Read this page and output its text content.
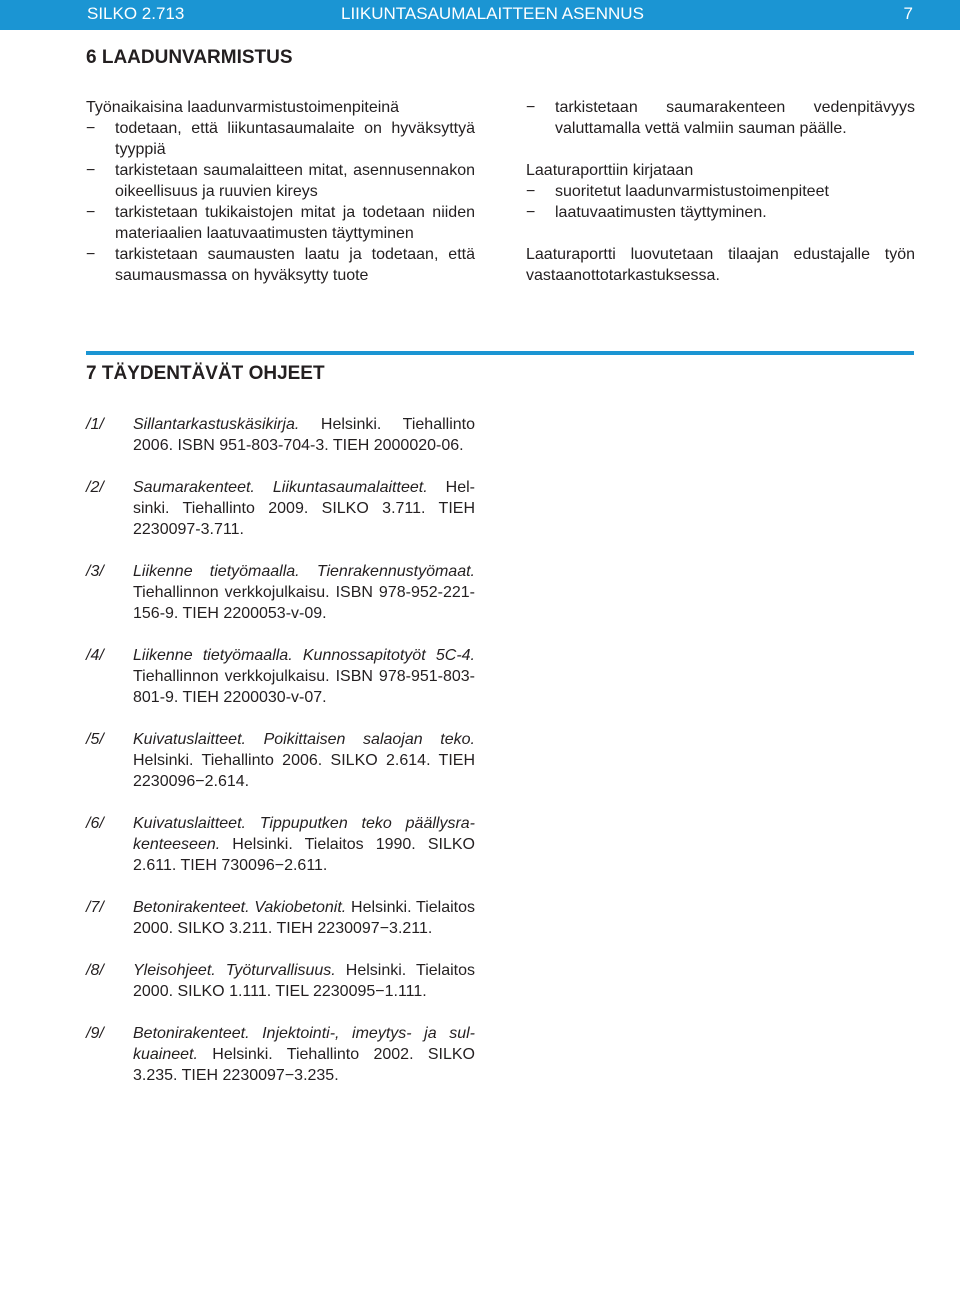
SILKO 2.713	LIIKUNTASAUMALAITTEEN ASENNUS	7
6 LAADUNVARMISTUS

Työnaikaisina laadunvarmistustoimenpiteinä

− todetaan, että liikuntasaumalaite on hyväksyttyä tyyppiä
− tarkistetaan saumalaitteen mitat, asennusennakon oikeellisuus ja ruuvien kireys
− tarkistetaan tukikaistojen mitat ja todetaan niiden materiaalien laatuvaatimusten täyttyminen
− tarkistetaan saumausten laatu ja todetaan, että saumausmassa on hyväksytty tuote
− tarkistetaan saumarakenteen vedenpitävyys valuttamalla vettä valmiin sauman päälle.

Laaturaporttiin kirjataan

− suoritetut laadunvarmistustoimenpiteet
− laatuvaatimusten täyttyminen.

Laaturaportti luovutetaan tilaajan edustajalle työn vastaanottotarkastuksessa.

7 TÄYDENTÄVÄT OHJEET
/1/ Sillantarkastuskäsikirja. Helsinki. Tiehallinto 2006. ISBN 951-803-704-3. TIEH 2000020-06.
/2/ Saumarakenteet. Liikuntasaumalaitteet. Helsinki. Tiehallinto 2009. SILKO 3.711. TIEH 2230097-3.711.
/3/ Liikenne tietyömaalla. Tienrakennustyömaat. Tiehallinnon verkkojulkaisu. ISBN 978-952-221-156-9. TIEH 2200053-v-09.
/4/ Liikenne tietyömaalla. Kunnossapitotyöt 5C-4. Tiehallinnon verkkojulkaisu. ISBN 978-951-803-801-9. TIEH 2200030-v-07.
/5/ Kuivatuslaitteet. Poikittaisen salaojan teko. Helsinki. Tiehallinto 2006. SILKO 2.614. TIEH 2230096−2.614.
/6/ Kuivatuslaitteet. Tippuputken teko päällysrakenteeseen. Helsinki. Tielaitos 1990. SILKO 2.611. TIEH 730096−2.611.
/7/ Betonirakenteet. Vakiobetonit. Helsinki. Tielaitos 2000. SILKO 3.211. TIEH 2230097−3.211.
/8/ Yleisohjeet. Työturvallisuus. Helsinki. Tielaitos 2000. SILKO 1.111. TIEL 2230095−1.111.
/9/ Betonirakenteet. Injektointi-, imeytys- ja sulkuaineet. Helsinki. Tiehallinto 2002. SILKO 3.235. TIEH 2230097−3.235.
